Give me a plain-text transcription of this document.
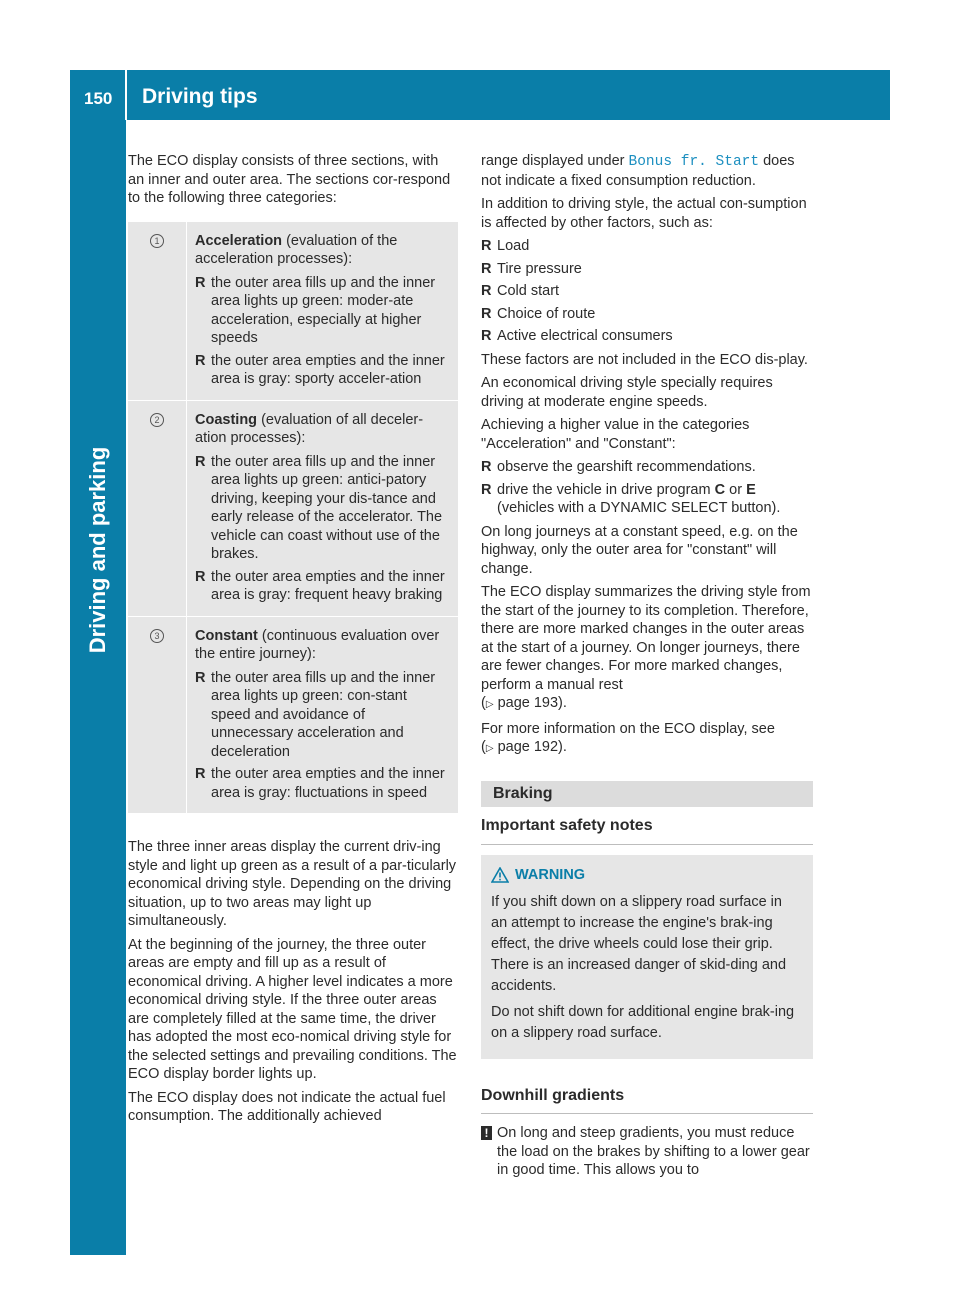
150 Driving tips
Driving and parking

The ECO display consists of three sections, with an inner and outer area. The sections cor-respond to the following three categories:

1	Acceleration (evaluation of the acceleration processes):

R the outer area fills up and the inner area lights up green: moder-ate acceleration, especially at higher speeds
R the outer area empties and the inner area is gray: sporty acceler-ation
2	Coasting (evaluation of all deceler-ation processes):

R the outer area fills up and the inner area lights up green: antici-patory driving, keeping your dis-tance and early release of the accelerator. The vehicle can coast without use of the brakes.
R the outer area empties and the inner area is gray: frequent heavy braking
3	Constant (continuous evaluation over the entire journey):

R the outer area fills up and the inner area lights up green: con-stant speed and avoidance of unnecessary acceleration and deceleration
R the outer area empties and the inner area is gray: fluctuations in speed

The three inner areas display the current driv-ing style and light up green as a result of a par-ticularly economical driving style. Depending on the driving situation, up to two areas may light up simultaneously.

At the beginning of the journey, the three outer areas are empty and fill up as a result of economical driving. A higher level indicates a more economical driving style. If the three outer areas are completely filled at the same time, the driver has adopted the most eco-nomical driving style for the selected settings and prevailing conditions. The ECO display border lights up.

The ECO display does not indicate the actual fuel consumption. The additionally achieved

range displayed under Bonus fr. Start does not indicate a fixed consumption reduction.

In addition to driving style, the actual con-sumption is affected by other factors, such as:

R Load
R Tire pressure
R Cold start
R Choice of route
R Active electrical consumers

These factors are not included in the ECO dis-play.

An economical driving style specially requires driving at moderate engine speeds.

Achieving a higher value in the categories "Acceleration" and "Constant":

R observe the gearshift recommendations.
R drive the vehicle in drive program C or E
(vehicles with a DYNAMIC SELECT button).

On long journeys at a constant speed, e.g. on the highway, only the outer area for "constant" will change.

The ECO display summarizes the driving style from the start of the journey to its completion. Therefore, there are more marked changes in the outer areas at the start of a journey. On longer journeys, there are fewer changes. For more marked changes, perform a manual rest
(▷ page 193).

For more information on the ECO display, see
(▷ page 192).

Braking
Important safety notes
WARNING

If you shift down on a slippery road surface in an attempt to increase the engine's brak-ing effect, the drive wheels could lose their grip. There is an increased danger of skid-ding and accidents.

Do not shift down for additional engine brak-ing on a slippery road surface.

Downhill gradients
! On long and steep gradients, you must reduce the load on the brakes by shifting to a lower gear in good time. This allows you to
